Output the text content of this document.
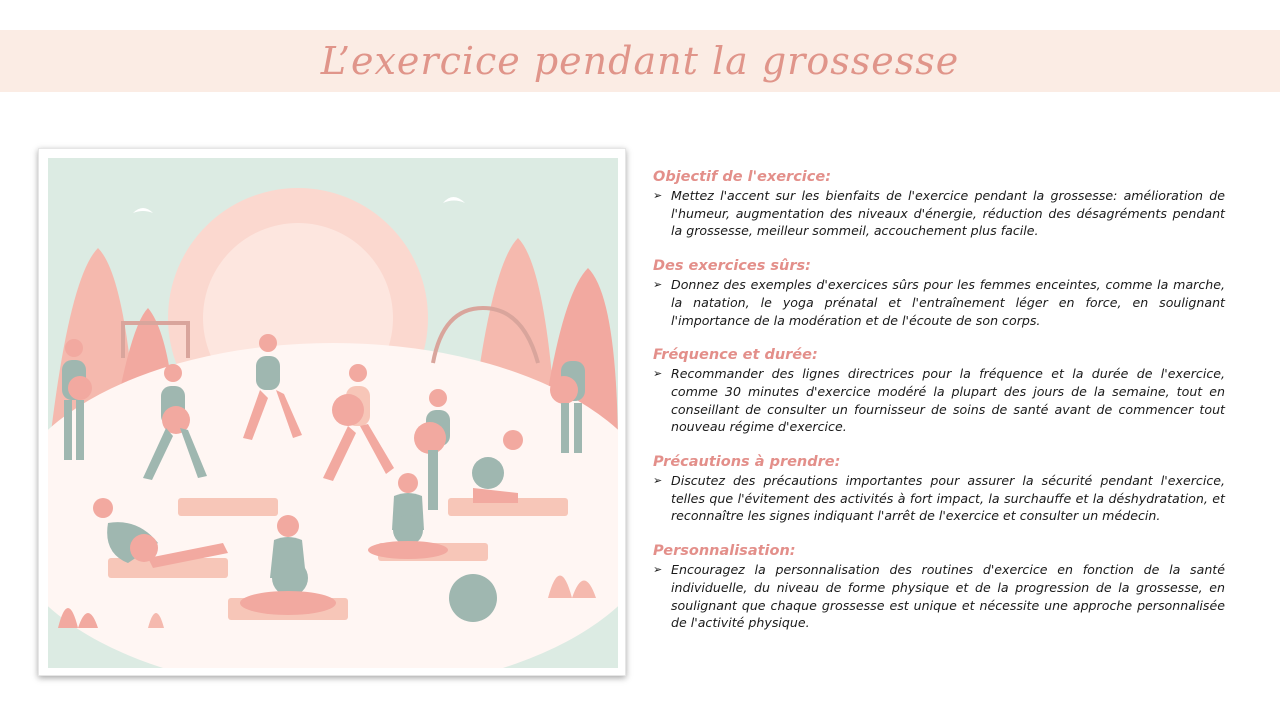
L’exercice pendant la grossesse
Objectif de l'exercice:
➢ Mettez l'accent sur les bienfaits de l'exercice pendant la grossesse: amélioration de l'humeur, augmentation des niveaux d'énergie, réduction des désagréments pendant la grossesse, meilleur sommeil, accouchement plus facile.
Des exercices sûrs:
➢ Donnez des exemples d'exercices sûrs pour les femmes enceintes, comme la marche, la natation, le yoga prénatal et l'entraînement léger en force, en soulignant l'importance de la modération et de l'écoute de son corps.
Fréquence et durée:
➢ Recommander des lignes directrices pour la fréquence et la durée de l'exercice, comme 30 minutes d'exercice modéré la plupart des jours de la semaine, tout en conseillant de consulter un fournisseur de soins de santé avant de commencer tout nouveau régime d'exercice.
Précautions à prendre:
➢ Discutez des précautions importantes pour assurer la sécurité pendant l'exercice, telles que l'évitement des activités à fort impact, la surchauffe et la déshydratation, et reconnaître les signes indiquant l'arrêt de l'exercice et consulter un médecin.
Personnalisation:
➢ Encouragez la personnalisation des routines d'exercice en fonction de la santé individuelle, du niveau de forme physique et de la progression de la grossesse, en soulignant que chaque grossesse est unique et nécessite une approche personnalisée de l'activité physique.
